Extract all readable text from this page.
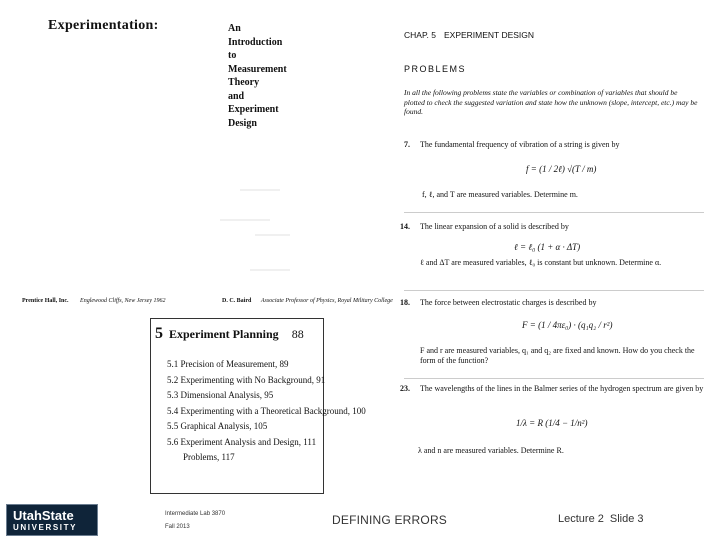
Experimentation:	An
Introduction
to
Measurement
Theory
and
Experiment
Design
Prentice Hall, Inc. Englewood Cliffs, New Jersey 1962	D. C. Baird Associate Professor of Physics, Royal Military College
5 Experiment Planning 88
5.1 Precision of Measurement, 89
5.2 Experimenting with No Background, 91
5.3 Dimensional Analysis, 95
5.4 Experimenting with a Theoretical Background, 100
5.5 Graphical Analysis, 105
5.6 Experiment Analysis and Design, 111
Problems, 117
CHAP. 5 EXPERIMENT DESIGN
PROBLEMS
In all the following problems state the variables or combination of variables that should be plotted to check the suggested variation and state how the unknown (slope, intercept, etc.) may be found.
7. The fundamental frequency of vibration of a string is given by
f = (1 / 2ℓ) √(T / m)
f, ℓ, and T are measured variables. Determine m.
14. The linear expansion of a solid is described by
ℓ = ℓ₀ (1 + α · ΔT)
ℓ and ΔT are measured variables, ℓ₀ is constant but unknown. Determine α.
18. The force between electrostatic charges is described by
F = (1 / 4πε₀) · (q₁q₂ / r²)
F and r are measured variables, q₁ and q₂ are fixed and known. How do you check the form of the function?
23. The wavelengths of the lines in the Balmer series of the hydrogen spectrum are given by
1/λ = R (1/4 − 1/n²)
λ and n are measured variables. Determine R.
UtahState
UNIVERSITY
Intermediate Lab 3870
Fall 2013	DEFINING ERRORS	Lecture 2 Slide 3
